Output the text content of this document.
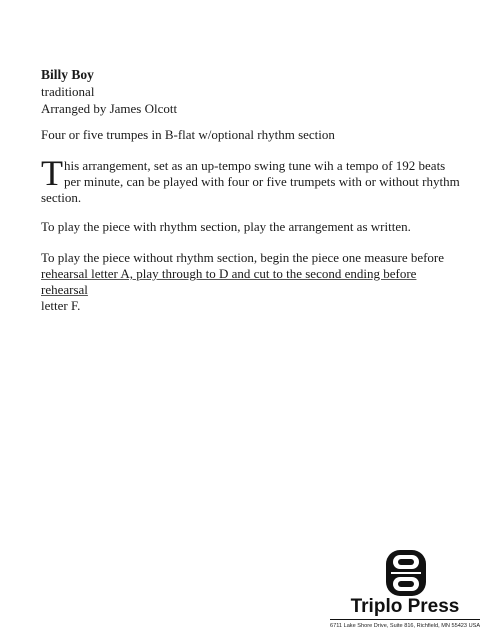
Billy Boy
traditional
Arranged by James Olcott
Four or five trumpes in B-flat w/optional rhythm section
This arrangement, set as an up-tempo swing tune wih a tempo of 192 beats per minute, can be played with four or five trumpets with or without rhythm section.
To play the piece with rhythm section, play the arrangement as written.
To play the piece without rhythm section, begin the piece one measure before
rehearsal letter A, play through to D and cut to the second ending before rehearsal
letter F.
Triplo Press
6711 Lake Shore Drive, Suite 816, Richfield, MN 55423 USA
